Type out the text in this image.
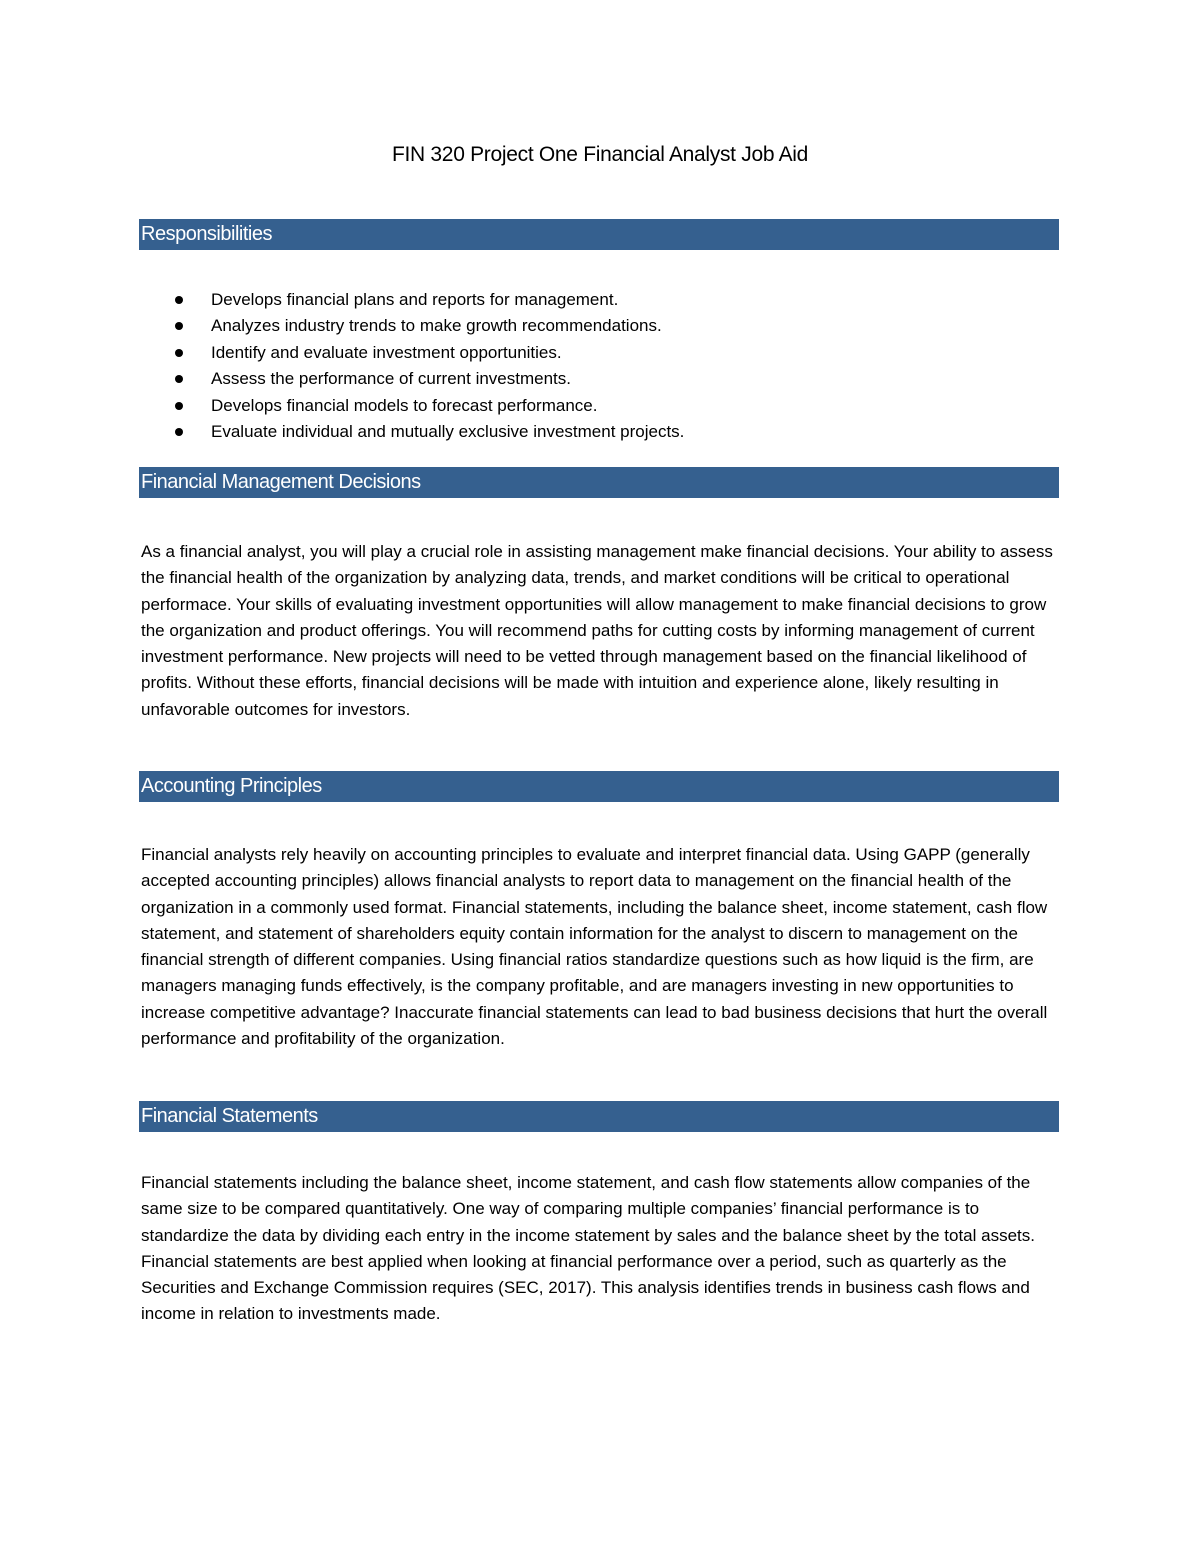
FIN 320 Project One Financial Analyst Job Aid
Responsibilities
Develops financial plans and reports for management.
Analyzes industry trends to make growth recommendations.
Identify and evaluate investment opportunities.
Assess the performance of current investments.
Develops financial models to forecast performance.
Evaluate individual and mutually exclusive investment projects.
Financial Management Decisions

As a financial analyst, you will play a crucial role in assisting management make financial decisions. Your ability to assess the financial health of the organization by analyzing data, trends, and market conditions will be critical to operational performace. Your skills of evaluating investment opportunities will allow management to make financial decisions to grow the organization and product offerings. You will recommend paths for cutting costs by informing management of current investment performance. New projects will need to be vetted through management based on the financial likelihood of profits. Without these efforts, financial decisions will be made with intuition and experience alone, likely resulting in unfavorable outcomes for investors.

Accounting Principles

Financial analysts rely heavily on accounting principles to evaluate and interpret financial data. Using GAPP (generally accepted accounting principles) allows financial analysts to report data to management on the financial health of the organization in a commonly used format. Financial statements, including the balance sheet, income statement, cash flow statement, and statement of shareholders equity contain information for the analyst to discern to management on the financial strength of different companies. Using financial ratios standardize questions such as how liquid is the firm, are managers managing funds effectively, is the company profitable, and are managers investing in new opportunities to increase competitive advantage? Inaccurate financial statements can lead to bad business decisions that hurt the overall performance and profitability of the organization.

Financial Statements

Financial statements including the balance sheet, income statement, and cash flow statements allow companies of the same size to be compared quantitatively. One way of comparing multiple companies’ financial performance is to standardize the data by dividing each entry in the income statement by sales and the balance sheet by the total assets. Financial statements are best applied when looking at financial performance over a period, such as quarterly as the Securities and Exchange Commission requires (SEC, 2017). This analysis identifies trends in business cash flows and income in relation to investments made.
